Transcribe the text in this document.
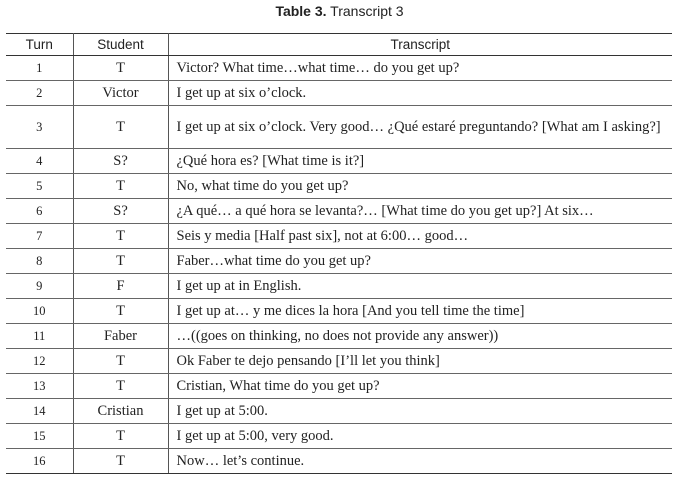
Table 3. Transcript 3
Turn	Student	Transcript
1	T	Victor? What time…what time… do you get up?
2	Victor	I get up at six o’clock.
3	T	I get up at six o’clock. Very good… ¿Qué estaré preguntando? [What am I asking?]
4	S?	¿Qué hora es? [What time is it?]
5	T	No, what time do you get up?
6	S?	¿A qué… a qué hora se levanta?… [What time do you get up?] At six…
7	T	Seis y media [Half past six], not at 6:00… good…
8	T	Faber…what time do you get up?
9	F	I get up at in English.
10	T	I get up at… y me dices la hora [And you tell time the time]
11	Faber	…((goes on thinking, no does not provide any answer))
12	T	Ok Faber te dejo pensando [I’ll let you think]
13	T	Cristian, What time do you get up?
14	Cristian	I get up at 5:00.
15	T	I get up at 5:00, very good.
16	T	Now… let’s continue.
